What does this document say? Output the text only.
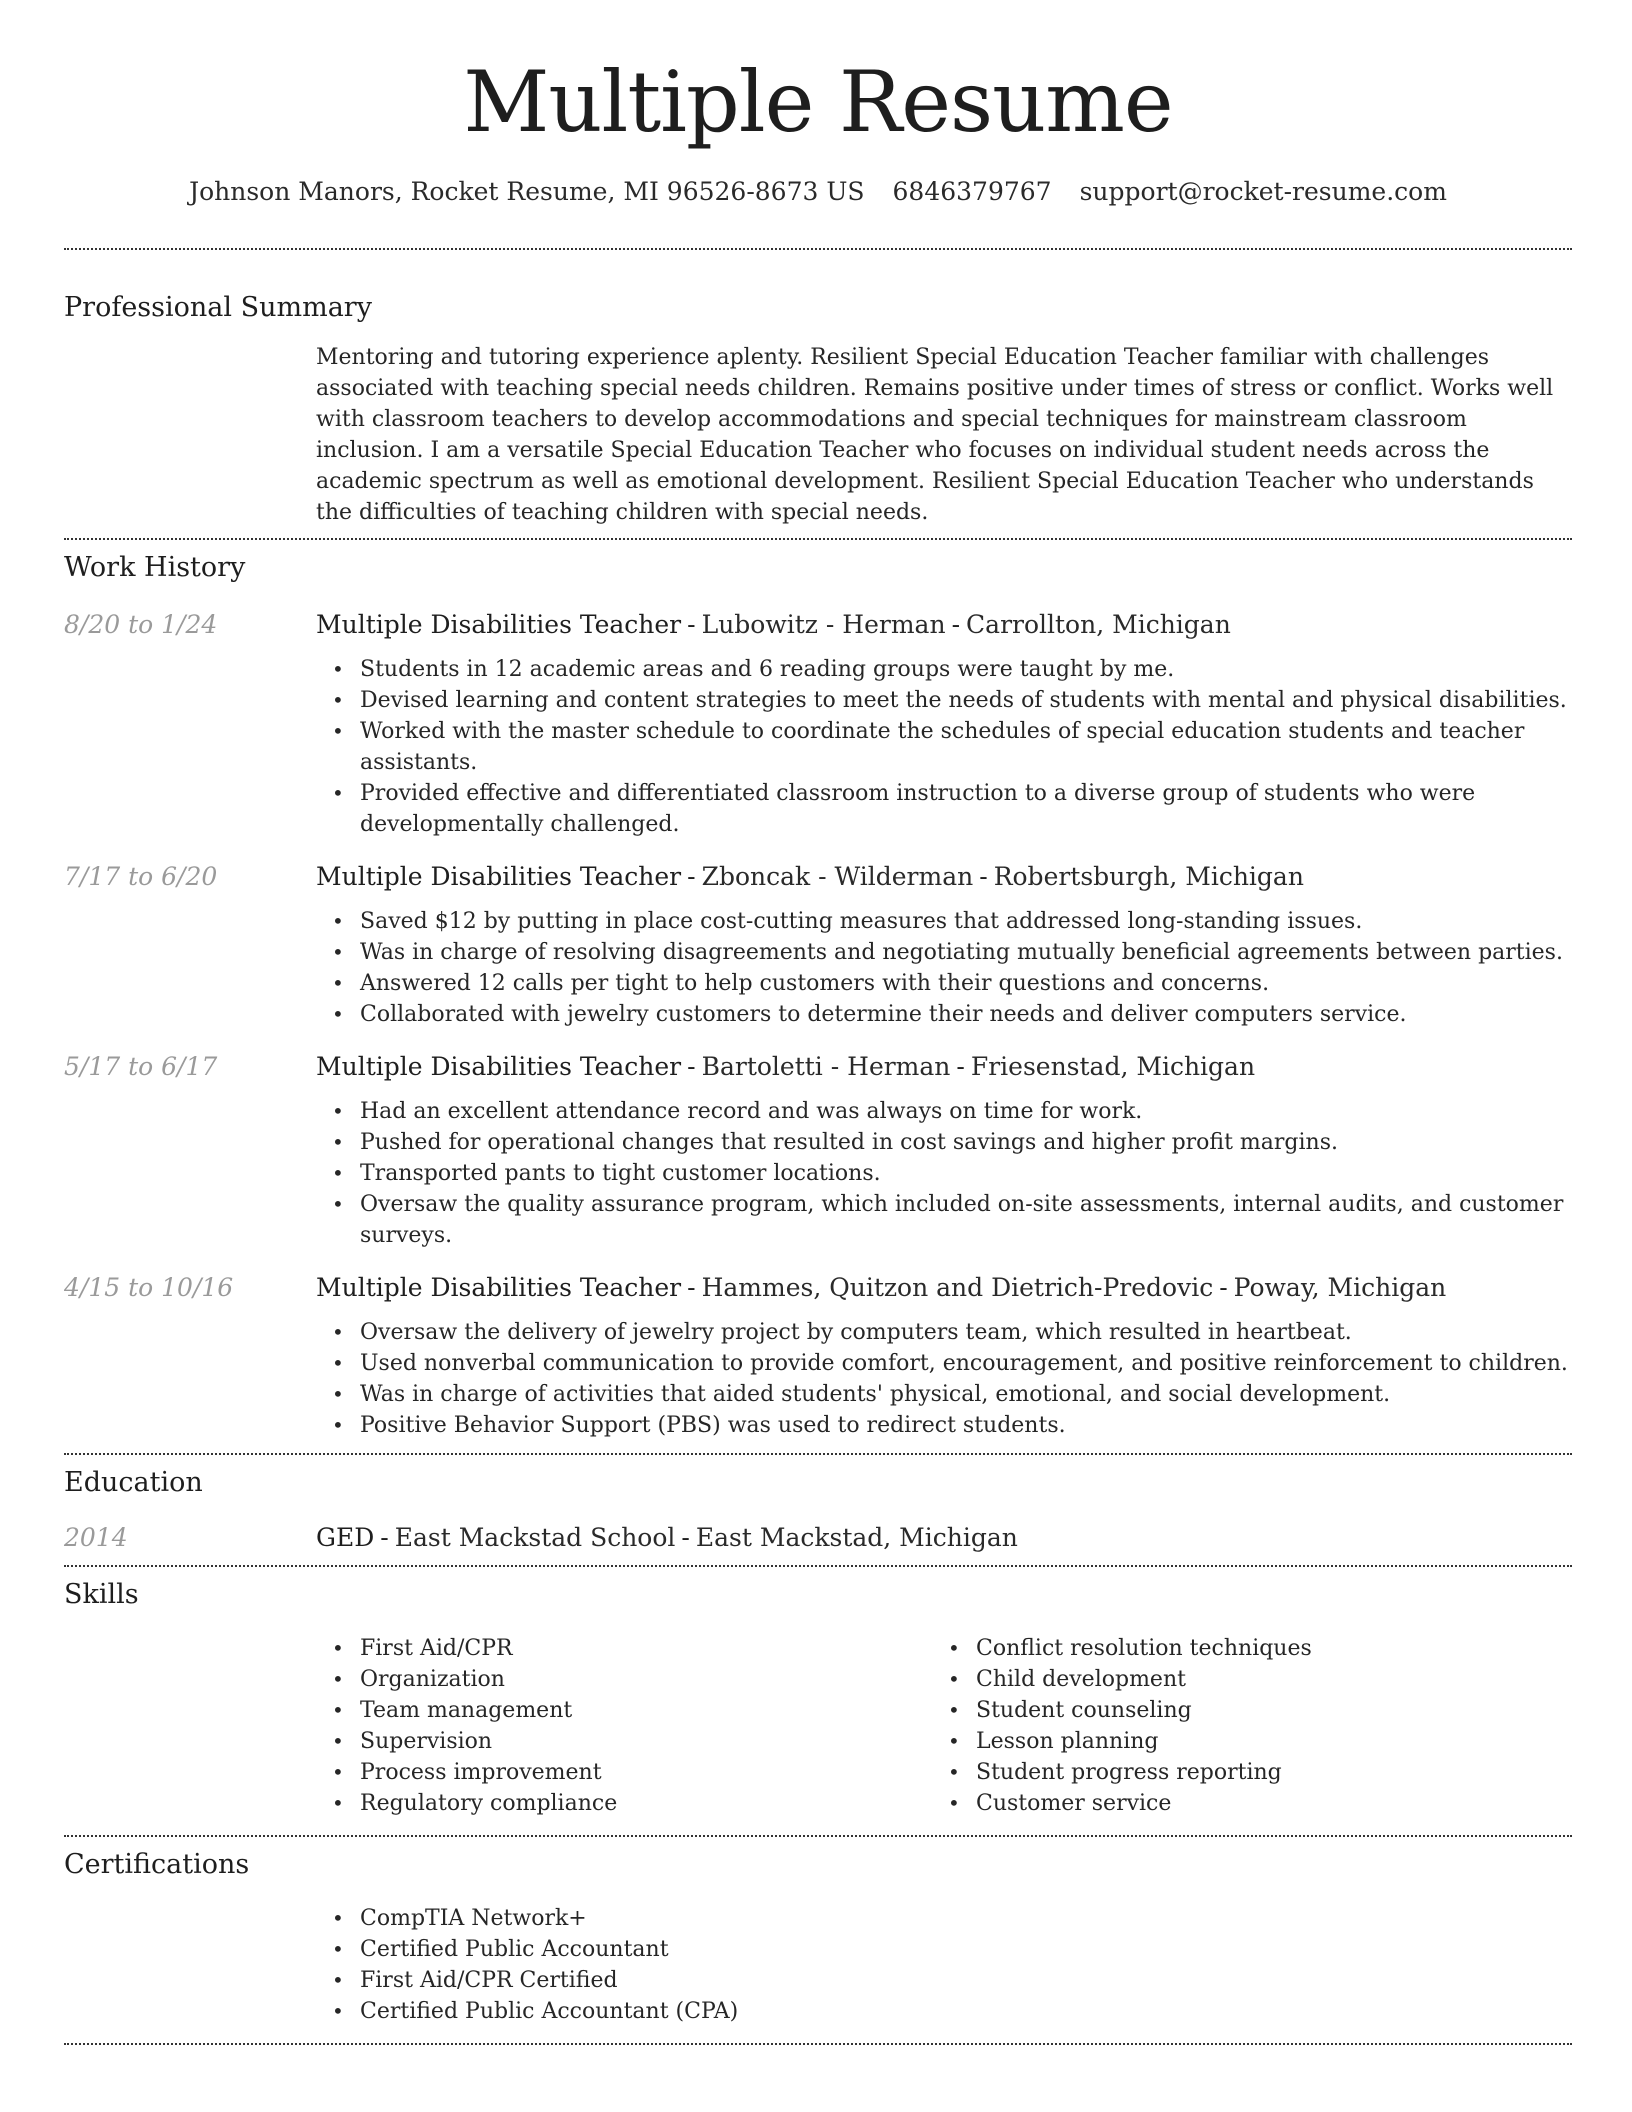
Multiple Resume
Johnson Manors, Rocket Resume, MI 96526-8673 US 6846379767 support@rocket-resume.com
Professional Summary

Mentoring and tutoring experience aplenty. Resilient Special Education Teacher familiar with challenges associated with teaching special needs children. Remains positive under times of stress or conflict. Works well with classroom teachers to develop accommodations and special techniques for mainstream classroom inclusion. I am a versatile Special Education Teacher who focuses on individual student needs across the academic spectrum as well as emotional development. Resilient Special Education Teacher who understands the difficulties of teaching children with special needs.

Work History
8/20 to 1/24	Multiple Disabilities Teacher - Lubowitz - Herman - Carrollton, Michigan
• Students in 12 academic areas and 6 reading groups were taught by me.
• Devised learning and content strategies to meet the needs of students with mental and physical disabilities.
• Worked with the master schedule to coordinate the schedules of special education students and teacher assistants.
• Provided effective and differentiated classroom instruction to a diverse group of students who were developmentally challenged.
7/17 to 6/20	Multiple Disabilities Teacher - Zboncak - Wilderman - Robertsburgh, Michigan
• Saved $12 by putting in place cost-cutting measures that addressed long-standing issues.
• Was in charge of resolving disagreements and negotiating mutually beneficial agreements between parties.
• Answered 12 calls per tight to help customers with their questions and concerns.
• Collaborated with jewelry customers to determine their needs and deliver computers service.
5/17 to 6/17	Multiple Disabilities Teacher - Bartoletti - Herman - Friesenstad, Michigan
• Had an excellent attendance record and was always on time for work.
• Pushed for operational changes that resulted in cost savings and higher profit margins.
• Transported pants to tight customer locations.
• Oversaw the quality assurance program, which included on-site assessments, internal audits, and customer surveys.
4/15 to 10/16	Multiple Disabilities Teacher - Hammes, Quitzon and Dietrich-Predovic - Poway, Michigan
• Oversaw the delivery of jewelry project by computers team, which resulted in heartbeat.
• Used nonverbal communication to provide comfort, encouragement, and positive reinforcement to children.
• Was in charge of activities that aided students' physical, emotional, and social development.
• Positive Behavior Support (PBS) was used to redirect students.
Education
2014	GED - East Mackstad School - East Mackstad, Michigan
Skills
• First Aid/CPR
• Organization
• Team management
• Supervision
• Process improvement
• Regulatory compliance
• Conflict resolution techniques
• Child development
• Student counseling
• Lesson planning
• Student progress reporting
• Customer service
Certifications
• CompTIA Network+
• Certified Public Accountant
• First Aid/CPR Certified
• Certified Public Accountant (CPA)
